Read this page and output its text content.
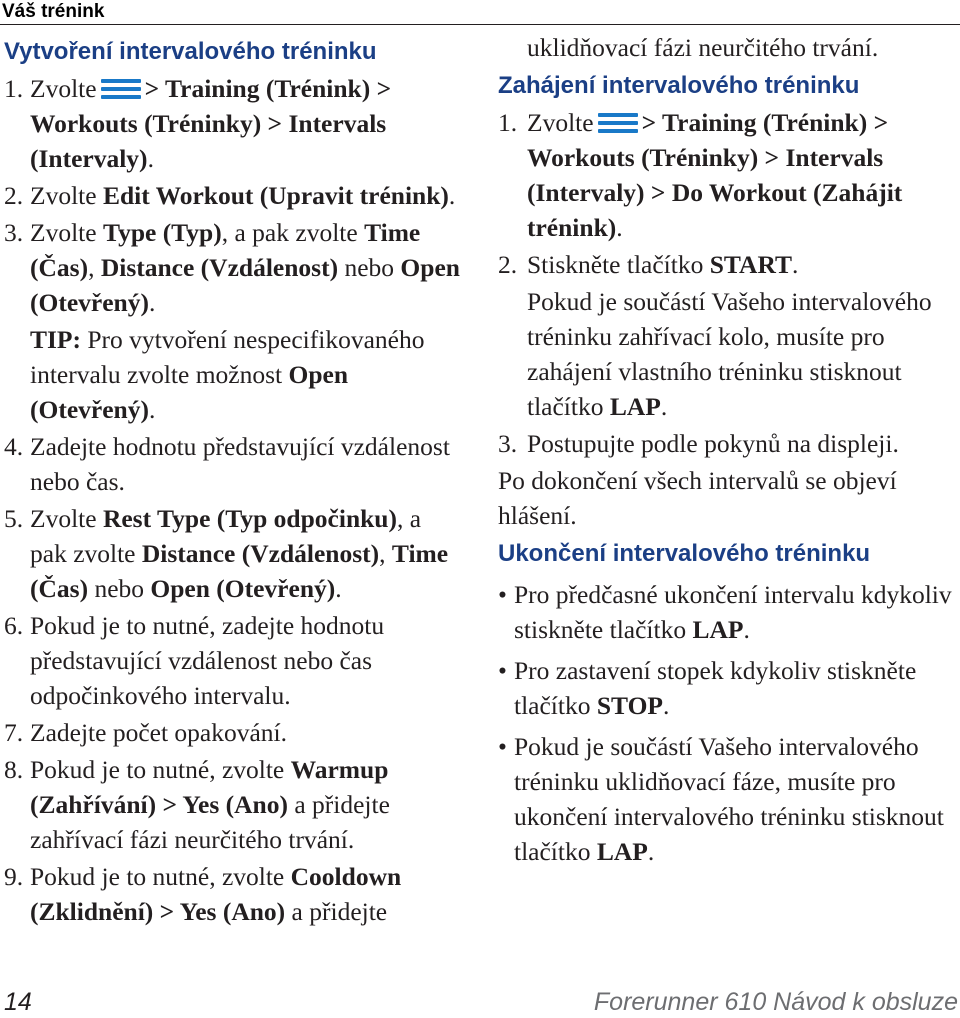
Váš trénink
Vytvoření intervalového tréninku
1. Zvolte > Training (Trénink) > Workouts (Tréninky) > Intervals (Intervaly).
2. Zvolte Edit Workout (Upravit trénink).
3. Zvolte Type (Typ), a pak zvolte Time (Čas), Distance (Vzdálenost) nebo Open (Otevřený).
TIP: Pro vytvoření nespecifikovaného intervalu zvolte možnost Open (Otevřený).
4. Zadejte hodnotu představující vzdálenost nebo čas.
5. Zvolte Rest Type (Typ odpočinku), a pak zvolte Distance (Vzdálenost), Time (Čas) nebo Open (Otevřený).
6. Pokud je to nutné, zadejte hodnotu představující vzdálenost nebo čas odpočinkového intervalu.
7. Zadejte počet opakování.
8. Pokud je to nutné, zvolte Warmup (Zahřívání) > Yes (Ano) a přidejte zahřívací fázi neurčitého trvání.
9. Pokud je to nutné, zvolte Cooldown (Zklidnění) > Yes (Ano) a přidejte
uklidňovací fázi neurčitého trvání.
Zahájení intervalového tréninku
1. Zvolte > Training (Trénink) > Workouts (Tréninky) > Intervals (Intervaly) > Do Workout (Zahájit trénink).
2. Stiskněte tlačítko START.
Pokud je součástí Vašeho intervalového tréninku zahřívací kolo, musíte pro zahájení vlastního tréninku stisknout tlačítko LAP.
3. Postupujte podle pokynů na displeji.
Po dokončení všech intervalů se objeví hlášení.
Ukončení intervalového tréninku
• Pro předčasné ukončení intervalu kdykoliv stiskněte tlačítko LAP.
• Pro zastavení stopek kdykoliv stiskněte tlačítko STOP.
• Pokud je součástí Vašeho intervalového tréninku uklidňovací fáze, musíte pro ukončení intervalového tréninku stisknout tlačítko LAP.
14	Forerunner 610 Návod k obsluze
